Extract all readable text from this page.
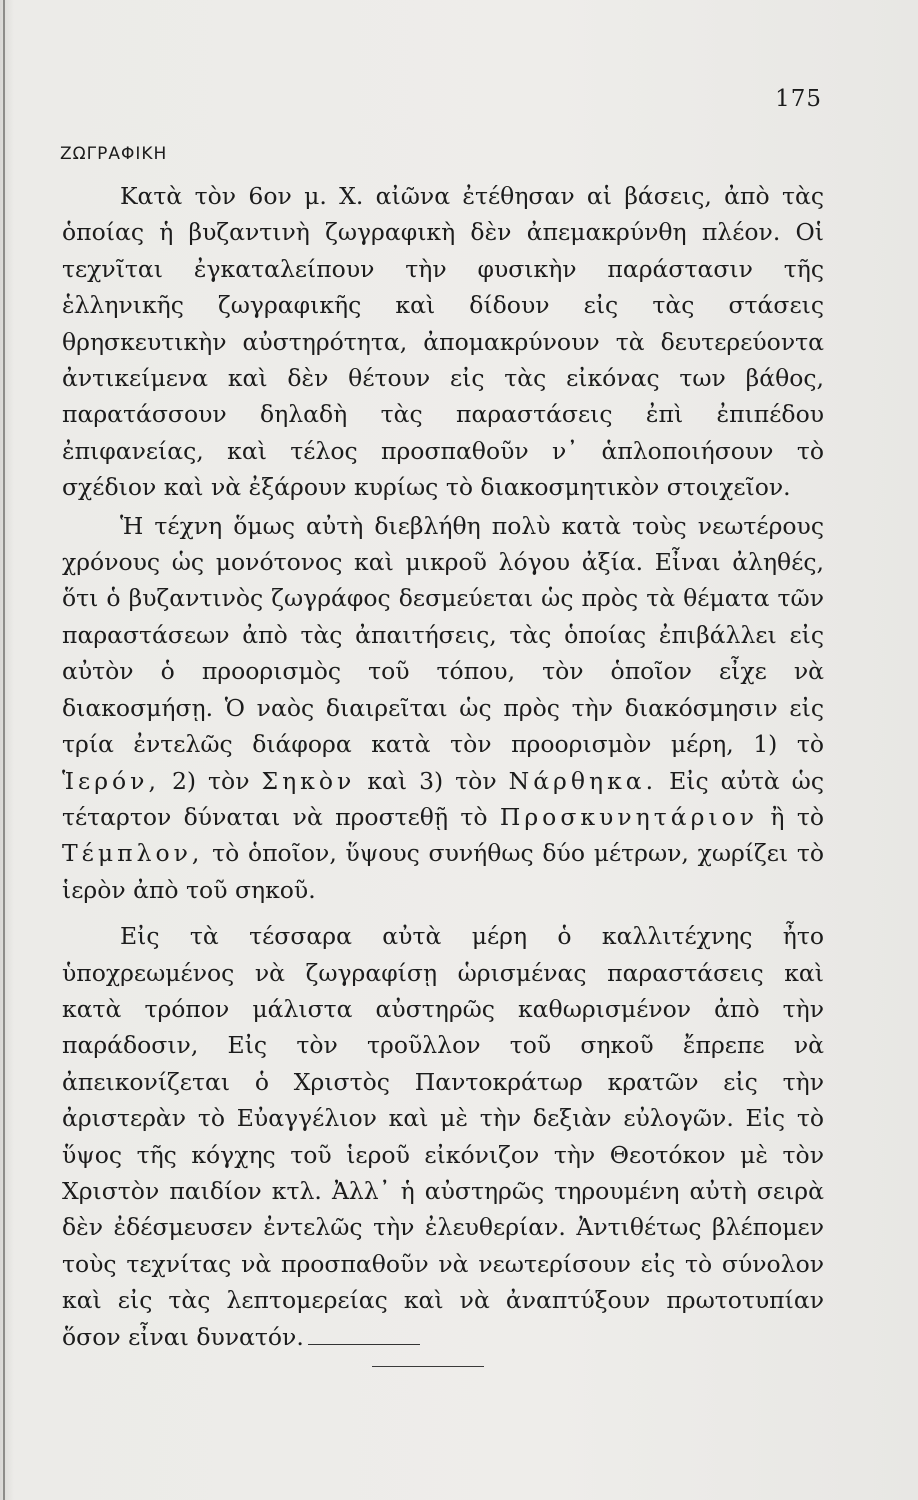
175
ΖΩΓΡΑΦΙΚΗ

Κατὰ τὸν 6ον μ. Χ. αἰῶνα ἐτέθησαν αἱ βάσεις, ἀπὸ τὰς ὁποίας ἡ βυζαντινὴ ζωγραφικὴ δὲν ἀπεμακρύνθη πλέον. Οἱ τεχνῖται ἐγκαταλείπουν τὴν φυσικὴν παράστασιν τῆς ἑλληνικῆς ζωγραφικῆς καὶ δίδουν εἰς τὰς στάσεις θρησκευτικὴν αὐστηρότητα, ἀπομακρύνουν τὰ δευτερεύοντα ἀντικείμενα καὶ δὲν θέτουν εἰς τὰς εἰκόνας των βάθος, παρατάσσουν δηλαδὴ τὰς παραστάσεις ἐπὶ ἐπιπέδου ἐπιφανείας, καὶ τέλος προσπαθοῦν ν᾽ ἁπλοποιήσουν τὸ σχέδιον καὶ νὰ ἐξάρουν κυρίως τὸ διακοσμητικὸν στοιχεῖον.

Ἡ τέχνη ὅμως αὐτὴ διεβλήθη πολὺ κατὰ τοὺς νεωτέρους χρόνους ὡς μονότονος καὶ μικροῦ λόγου ἀξία. Εἶναι ἀληθές, ὅτι ὁ βυζαντινὸς ζωγράφος δεσμεύεται ὡς πρὸς τὰ θέματα τῶν παραστάσεων ἀπὸ τὰς ἀπαιτήσεις, τὰς ὁποίας ἐπιβάλλει εἰς αὐτὸν ὁ προορισμὸς τοῦ τόπου, τὸν ὁποῖον εἶχε νὰ διακοσμήσῃ. Ὁ ναὸς διαιρεῖται ὡς πρὸς τὴν διακόσμησιν εἰς τρία ἐντελῶς διάφορα κατὰ τὸν προορισμὸν μέρη, 1) τὸ Ἱερόν, 2) τὸν Σηκὸν καὶ 3) τὸν Νάρθηκα. Εἰς αὐτὰ ὡς τέταρτον δύναται νὰ προστεθῇ τὸ Προσκυνητάριον ἢ τὸ Τέμπλον, τὸ ὁποῖον, ὕψους συνήθως δύο μέτρων, χωρίζει τὸ ἱερὸν ἀπὸ τοῦ σηκοῦ.

Εἰς τὰ τέσσαρα αὐτὰ μέρη ὁ καλλιτέχνης ἦτο ὑποχρεωμένος νὰ ζωγραφίσῃ ὡρισμένας παραστάσεις καὶ κατὰ τρόπον μάλιστα αὐστηρῶς καθωρισμένον ἀπὸ τὴν παράδοσιν, Εἰς τὸν τροῦλλον τοῦ σηκοῦ ἔπρεπε νὰ ἀπεικονίζεται ὁ Χριστὸς Παντοκράτωρ κρατῶν εἰς τὴν ἀριστερὰν τὸ Εὐαγγέλιον καὶ μὲ τὴν δεξιὰν εὐλογῶν. Εἰς τὸ ὕψος τῆς κόγχης τοῦ ἱεροῦ εἰκόνιζον τὴν Θεοτόκον μὲ τὸν Χριστὸν παιδίον κτλ. Ἀλλ᾽ ἡ αὐστηρῶς τηρουμένη αὐτὴ σειρὰ δὲν ἐδέσμευσεν ἐντελῶς τὴν ἐλευθερίαν. Ἀντιθέτως βλέπομεν τοὺς τεχνίτας νὰ προσπαθοῦν νὰ νεωτερίσουν εἰς τὸ σύνολον καὶ εἰς τὰς λεπτομερείας καὶ νὰ ἀναπτύξουν πρωτοτυπίαν ὅσον εἶναι δυνατόν.
